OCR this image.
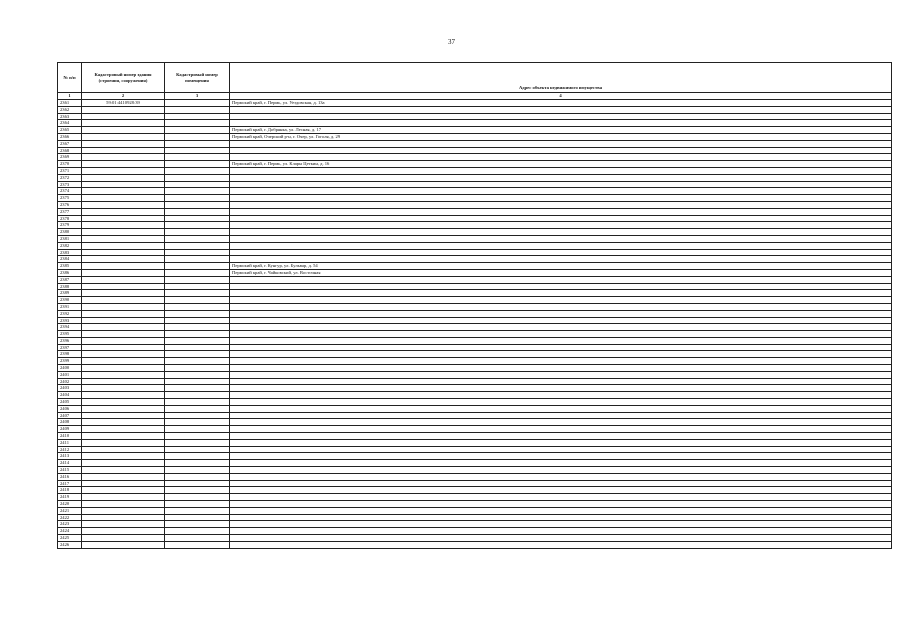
37
№ п/п	Кадастровый номер здания (строения, сооружения)	Кадастровый номер помещения	Адрес объекта недвижимого имущества
1	2	3	4
2361	59:01:4410928:39		Пермский край, г. Пермь, ул. Уездовская, д. 13а
2362			
2363			
2364			
2365			Пермский край, г. Добрянка, ул. Лесная, д. 17
2366			Пермский край, Очерский р-н, г. Очер, ул. Гоголя, д. 29
2367			
2368			
2369			
2370			Пермский край, г. Пермь, ул. Клары Цеткин, д. 16
2371			
2372			
2373			
2374			
2375			
2376			
2377			
2378			
2379			
2380			
2381			
2382			
2383			
2384			
2385			Пермский край, г. Кунгур, ул. Бульвар, д. 54
2386			Пермский край, г. Чайковский, ул. Восточная
2387			
2388			
2389			
2390			
2391			
2392			
2393			
2394			
2395			
2396			
2397			
2398			
2399			
2400			
2401			
2402			
2403			
2404			
2405			
2406			
2407			
2408			
2409			
2410			
2411			
2412			
2413			
2414			
2415			
2416			
2417			
2418			
2419			
2420			
2421			
2422			
2423			
2424			
2425			
2426			
